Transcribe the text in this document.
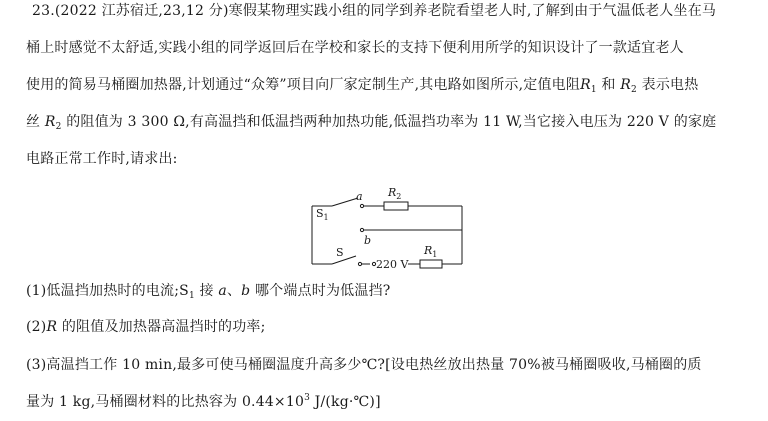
23.(2022 江苏宿迁,23,12 分)寒假某物理实践小组的同学到养老院看望老人时,了解到由于气温低老人坐在马
桶上时感觉不太舒适,实践小组的同学返回后在学校和家长的支持下便利用所学的知识设计了一款适宜老人
使用的简易马桶圈加热器,计划通过“众筹”项目向厂家定制生产,其电路如图所示,定值电阻$R_1$ 和 $R_2$ 表示电热
丝 $R_2$ 的阻值为 3 300 Ω,有高温挡和低温挡两种加热功能,低温挡功率为 11 W,当它接入电压为 220 V 的家庭
电路正常工作时,请求出:
$S_1$
a
b
$R_2$
S
220 V
$R_1$
(1)低温挡加热时的电流$;S_1$ 接 a、b 哪个端点时为低温挡?
(2)R 的阻值及加热器高温挡时的功率;
(3)高温挡工作 10 min,最多可使马桶圈温度升高多少℃?[设电热丝放出热量 70%被马桶圈吸收,马桶圈的质
量为 1 kg,马桶圈材料的比热容为 $0.44\times 10^3$ J/(kg·℃)]
